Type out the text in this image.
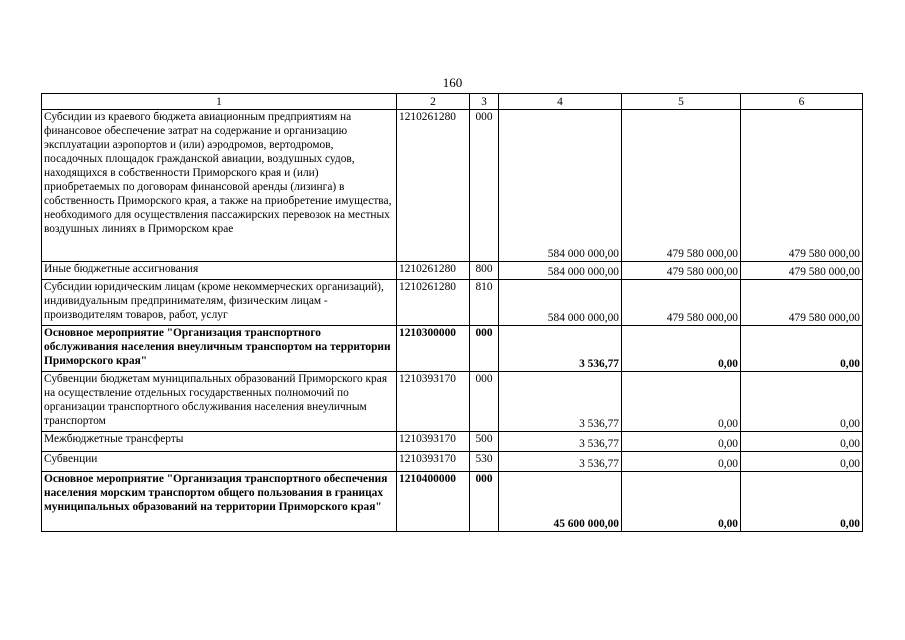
160
1	2	3	4	5	6
Субсидии из краевого бюджета авиационным предприятиям на финансовое обеспечение затрат на содержание и организацию эксплуатации аэропортов и (или) аэродромов, вертодромов, посадочных площадок гражданской авиации, воздушных судов, находящихся в собственности Приморского края и (или) приобретаемых по договорам финансовой аренды (лизинга) в собственность Приморского края, а также на приобретение имущества, необходимого для осуществления пассажирских перевозок на местных воздушных линиях в Приморском крае	1210261280	000	584 000 000,00	479 580 000,00	479 580 000,00
Иные бюджетные ассигнования	1210261280	800	584 000 000,00	479 580 000,00	479 580 000,00
Субсидии юридическим лицам (кроме некоммерческих организаций), индивидуальным предпринимателям, физическим лицам - производителям товаров, работ, услуг	1210261280	810	584 000 000,00	479 580 000,00	479 580 000,00
Основное мероприятие "Организация транспортного обслуживания населения внеуличным транспортом на территории Приморского края"	1210300000	000	3 536,77	0,00	0,00
Субвенции бюджетам муниципальных образований Приморского края на осуществление отдельных государственных полномочий по организации транспортного обслуживания населения внеуличным транспортом	1210393170	000	3 536,77	0,00	0,00
Межбюджетные трансферты	1210393170	500	3 536,77	0,00	0,00
Субвенции	1210393170	530	3 536,77	0,00	0,00
Основное мероприятие "Организация транспортного обеспечения населения морским транспортом общего пользования в границах муниципальных образований на территории Приморского края"	1210400000	000	45 600 000,00	0,00	0,00
